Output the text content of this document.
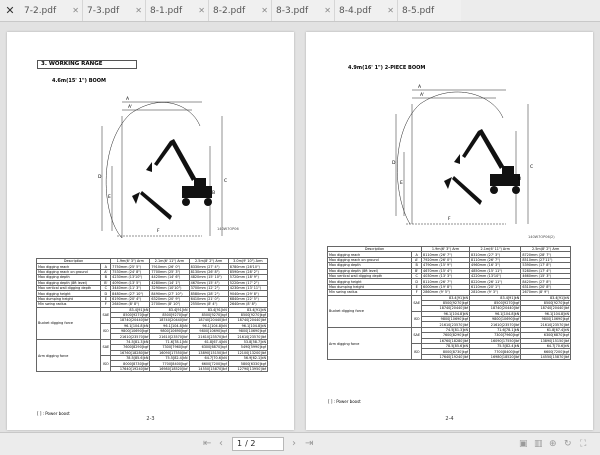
✕	7-2.pdf	✕ 7-3.pdf	✕ 8-1.pdf	✕ 8-2.pdf	✕ 8-3.pdf	✕ 8-4.pdf	✕ 8-5.pdf
3. WORKING RANGE
4.6m(15' 1") BOOM
A
A'
D
E
B
C
F	140W7OP06
Description		1.9m(6' 3") Arm	2.1m(6' 11") Arm	2.5m(8' 2") Arm	3.0m(9' 10") Arm
Max digging reach	A	7750mm (25' 5")	7910mm (26' 0")	8330mm (27' 4")	8780mm (28'10")
Max digging reach on ground	A'	7530mm (24' 8")	7700mm (25' 3")	8130mm (26' 8")	8590mm (28' 2")
Max digging depth	B	4230mm (13'10")	4420mm (14' 6")	4820mm (15' 10")	5720mm (18' 9")
Max digging depth (8ft level)	B'	4090mm (13' 5")	4280mm (14' 1")	4670mm (15' 4")	5220mm (17' 2")
Max vertical wall digging depth	C	3440mm (11' 3")	3290mm (10'10")	3700mm (12' 2")	4230mm (13' 11")
Max digging height	D	8480mm (27' 10")	8490mm (27' 10")	8580mm (28' 2")	9040mm (29' 8")
Max dumping height	E	6190mm (20' 4")	6320mm (20' 9")	6410mm (21' 0")	6840mm (22' 5")
Min swing radius	F	2640mm (8' 8")	2700mm (8' 10")	2550mm (8' 4")	2640mm (8' 8")
Bucket digging force	SAE	83.4[91]kN	83.4[91]kN	83.4[91]kN	83.4[91]kN
		8500[9270]kgf	8500[9270]kgf	8500[9270]kgf	8500[9270]kgf
		18740[20440]lbf	18740[20440]lbf	18740[20440]lbf	18740[20440]lbf
	ISO	96.1[104.8]kN	96.1[104.8]kN	96.1[104.8]kN	96.1[104.8]kN
		9800[10690]kgf	9800[10690]kgf	9800[10690]kgf	9800[10690]kgf
		21610[23570]lbf	21610[23570]lbf	21610[23570]lbf	21610[23570]lbf
Arm digging force	SAE	74.5[81.3]kN	71.6[78.1]kN	61.8[67.4]kN	53.8[58.7]kN
		7600[8290]kgf	7300[7960]kgf	6300[6870]kgf	5490[5990]kgf
		16760[18280]lbf	16090[17550]lbf	13890[15150]lbf	12100[13200]lbf
	ISO	78.5[85.6]kN	75.5[82.4]kN	64.7[70.6]kN	56.9[62.1]kN
		8000[8730]kgf	7700[8400]kgf	6600[7200]kgf	5800[6330]kgf
		17640[19240]lbf	16980[18520]lbf	14550[15870]lbf	12790[13950]lbf
[ ] : Power boost
2-3
4.9m(16' 1") 2-PIECE BOOM
A
A'
D
E
B
C
F
140W7OP06(2)
Description		1.9m(6' 3") Arm	2.1m(6' 11") Arm	2.5m(8' 2") Arm
Max digging reach	A	8110mm (26' 7")	8310mm (27' 3")	8720mm (28' 7")
Max digging reach on ground	A'	7920mm (26' 0")	8110mm (26' 7")	8510mm (27'11")
Max digging depth	B	4790mm (15' 9")	4960mm (16' 3")	5390mm (17' 8")
Max digging depth (8ft level)	B'	4670mm (15' 4")	4850mm (15' 11")	5280mm (17' 4")
Max vertical wall digging depth	C	4030mm (13' 3")	4220mm (13'10")	4660mm (15' 3")
Max digging height	D	8110mm (26' 7")	8220mm (26' 11")	8420mm (27' 8")
Max dumping height	E	6000mm (19' 8")	6110mm (20' 1")	6310mm (20' 8")
Min swing radius	F	2860mm (9' 5")	2810mm (9' 3")	2670mm (8' 9")
Bucket digging force	SAE	83.4[91]kN	83.4[91]kN	83.4[91]kN
		8500[9270]kgf	8500[9270]kgf	8500[9270]kgf
		18740[20440]lbf	18740[20440]lbf	18740[20440]lbf
	ISO	96.1[104.8]kN	96.1[104.8]kN	96.1[104.8]kN
		9800[10690]kgf	9800[10690]kgf	9800[10690]kgf
		21610[23570]lbf	21610[23570]lbf	21610[23570]lbf
Arm digging force	SAE	74.5[81.3]kN	71.6[78.1]kN	61.8[67.4]kN
		7600[8290]kgf	7300[7960]kgf	6300[6870]kgf
		16760[18280]lbf	16090[17550]lbf	13890[15150]lbf
	ISO	78.5[85.6]kN	75.5[82.4]kN	64.7[70.6]kN
		8000[8730]kgf	7700[8400]kgf	6600[7200]kgf
		17640[19240]lbf	16980[18520]lbf	14550[15870]lbf
[ ] : Power boost
2-4
⇤ ‹	1 / 2	› ⇥	▣ ▥ ⊕ ↻ ⛶
